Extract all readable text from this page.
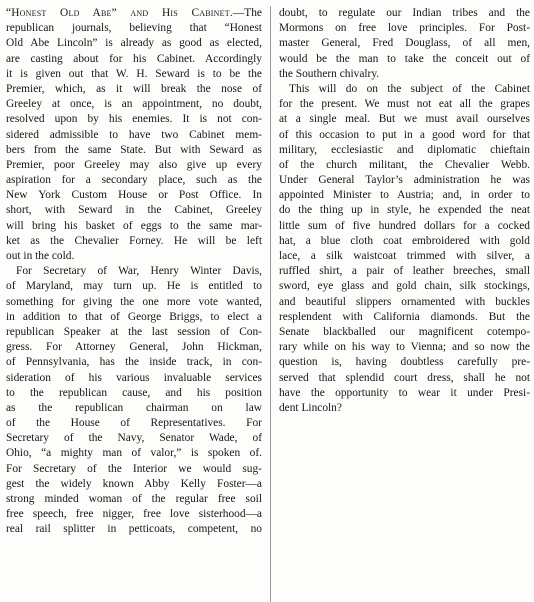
“Honest Old Abe” and His Cabinet.—The
republican journals, believing that “Honest
Old Abe Lincoln” is already as good as elected,
are casting about for his Cabinet. Accordingly
it is given out that W. H. Seward is to be the
Premier, which, as it will break the nose of
Greeley at once, is an appointment, no doubt,
resolved upon by his enemies. It is not con-
sidered admissible to have two Cabinet mem-
bers from the same State. But with Seward as
Premier, poor Greeley may also give up every
aspiration for a secondary place, such as the
New York Custom House or Post Office. In
short, with Seward in the Cabinet, Greeley
will bring his basket of eggs to the same mar-
ket as the Chevalier Forney. He will be left
out in the cold.
For Secretary of War, Henry Winter Davis,
of Maryland, may turn up. He is entitled to
something for giving the one more vote wanted,
in addition to that of George Briggs, to elect a
republican Speaker at the last session of Con-
gress. For Attorney General, John Hickman,
of Pennsylvania, has the inside track, in con-
sideration of his various invaluable services
to the republican cause, and his position
as the republican chairman on law
of the House of Representatives. For
Secretary of the Navy, Senator Wade, of
Ohio, “a mighty man of valor,” is spoken of.
For Secretary of the Interior we would sug-
gest the widely known Abby Kelly Foster—a
strong minded woman of the regular free soil
free speech, free nigger, free love sisterhood—a
real rail splitter in petticoats, competent, no
doubt, to regulate our Indian tribes and the
Mormons on free love principles. For Post-
master General, Fred Douglass, of all men,
would be the man to take the conceit out of
the Southern chivalry.
This will do on the subject of the Cabinet
for the present. We must not eat all the grapes
at a single meal. But we must avail ourselves
of this occasion to put in a good word for that
military, ecclesiastic and diplomatic chieftain
of the church militant, the Chevalier Webb.
Under General Taylor’s administration he was
appointed Minister to Austria; and, in order to
do the thing up in style, he expended the neat
little sum of five hundred dollars for a cocked
hat, a blue cloth coat embroidered with gold
lace, a silk waistcoat trimmed with silver, a
ruffled shirt, a pair of leather breeches, small
sword, eye glass and gold chain, silk stockings,
and beautiful slippers ornamented with buckles
resplendent with California diamonds. But the
Senate blackballed our magnificent cotempo-
rary while on his way to Vienna; and so now the
question is, having doubtless carefully pre-
served that splendid court dress, shall he not
have the opportunity to wear it under Presi-
dent Lincoln?
